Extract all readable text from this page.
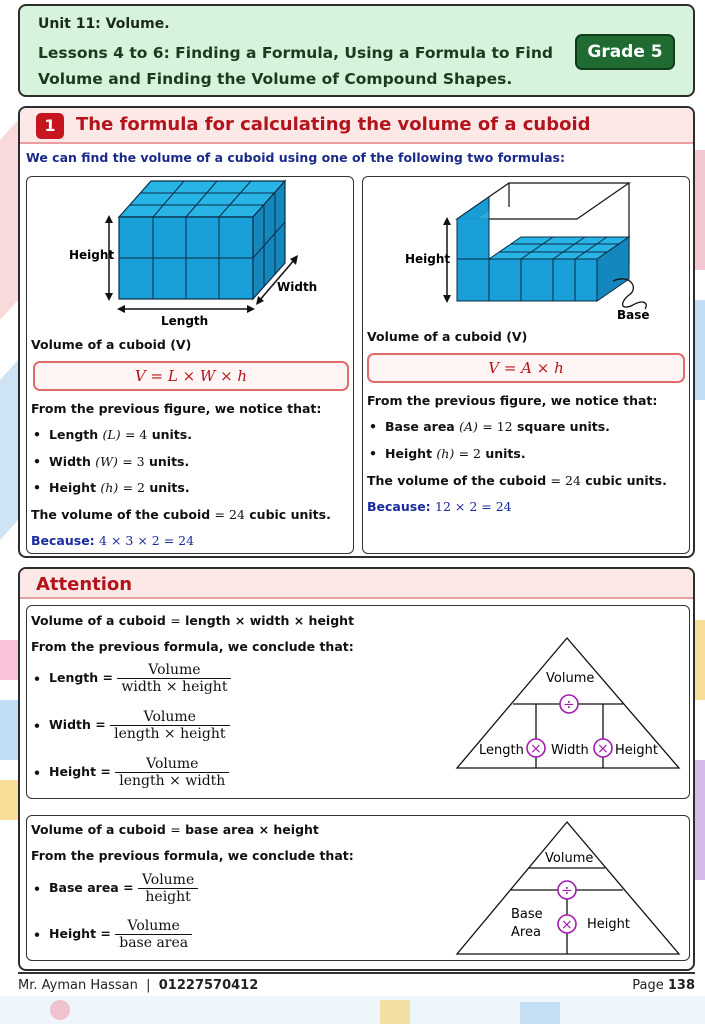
Unit 11: Volume.
Lessons 4 to 6: Finding a Formula, Using a Formula to Find Volume and Finding the Volume of Compound Shapes.
Grade 5
1	The formula for calculating the volume of a cuboid
We can find the volume of a cuboid using one of the following two formulas:
Height
Width
Length
Volume of a cuboid (V)
V = L × W × h
From the previous figure, we notice that:
• Length (L) = 4 units.
• Width (W) = 3 units.
• Height (h) = 2 units.
The volume of the cuboid = 24 cubic units.
Because: 4 × 3 × 2 = 24
Height
Base
Volume of a cuboid (V)
V = A × h
From the previous figure, we notice that:
• Base area (A) = 12 square units.
• Height (h) = 2 units.
The volume of the cuboid = 24 cubic units.
Because: 12 × 2 = 24
Attention
Volume of a cuboid = length × width × height
From the previous formula, we conclude that:
• Length = $\frac{\text{Volume}}{\text{width × height}}$
• Width = $\frac{\text{Volume}}{\text{length × height}}$
• Height = $\frac{\text{Volume}}{\text{length × width}}$
Volume
÷
Length × Width × Height
Volume of a cuboid = base area × height
From the previous formula, we conclude that:
• Base area = $\frac{\text{Volume}}{\text{height}}$
• Height = $\frac{\text{Volume}}{\text{base area}}$
Volume
÷
Base
Area × Height
Mr. Ayman Hassan | 01227570412	Page 138
